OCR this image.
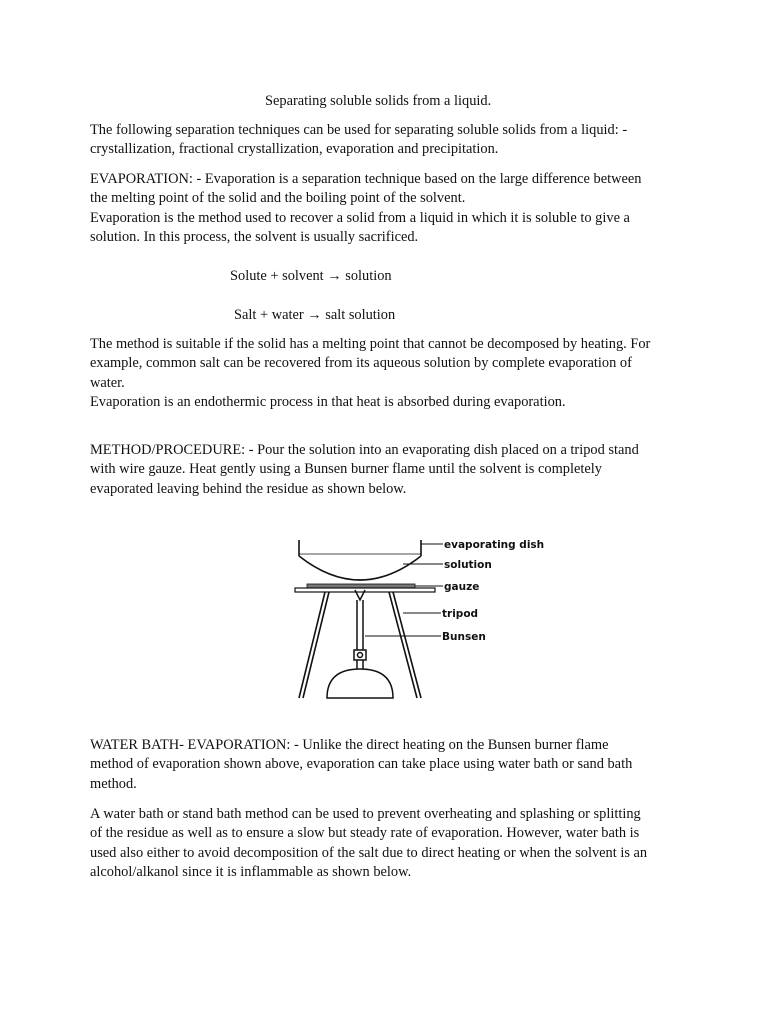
Separating soluble solids from a liquid.

The following separation techniques can be used for separating soluble solids from a liquid: -
crystallization, fractional crystallization, evaporation and precipitation.
EVAPORATION: - Evaporation is a separation technique based on the large difference between
the melting point of the solid and the boiling point of the solvent.
Evaporation is the method used to recover a solid from a liquid in which it is soluble to give a
solution. In this process, the solvent is usually sacrificed.

Solute + solvent → solution

Salt + water → salt solution

The method is suitable if the solid has a melting point that cannot be decomposed by heating. For
example, common salt can be recovered from its aqueous solution by complete evaporation of
water.
Evaporation is an endothermic process in that heat is absorbed during evaporation.
METHOD/PROCEDURE: - Pour the solution into an evaporating dish placed on a tripod stand
with wire gauze. Heat gently using a Bunsen burner flame until the solvent is completely
evaporated leaving behind the residue as shown below.
evaporating dish
solution
gauze
tripod
Bunsen
WATER BATH- EVAPORATION: - Unlike the direct heating on the Bunsen burner flame
method of evaporation shown above, evaporation can take place using water bath or sand bath
method.
A water bath or stand bath method can be used to prevent overheating and splashing or splitting
of the residue as well as to ensure a slow but steady rate of evaporation. However, water bath is
used also either to avoid decomposition of the salt due to direct heating or when the solvent is an
alcohol/alkanol since it is inflammable as shown below.
